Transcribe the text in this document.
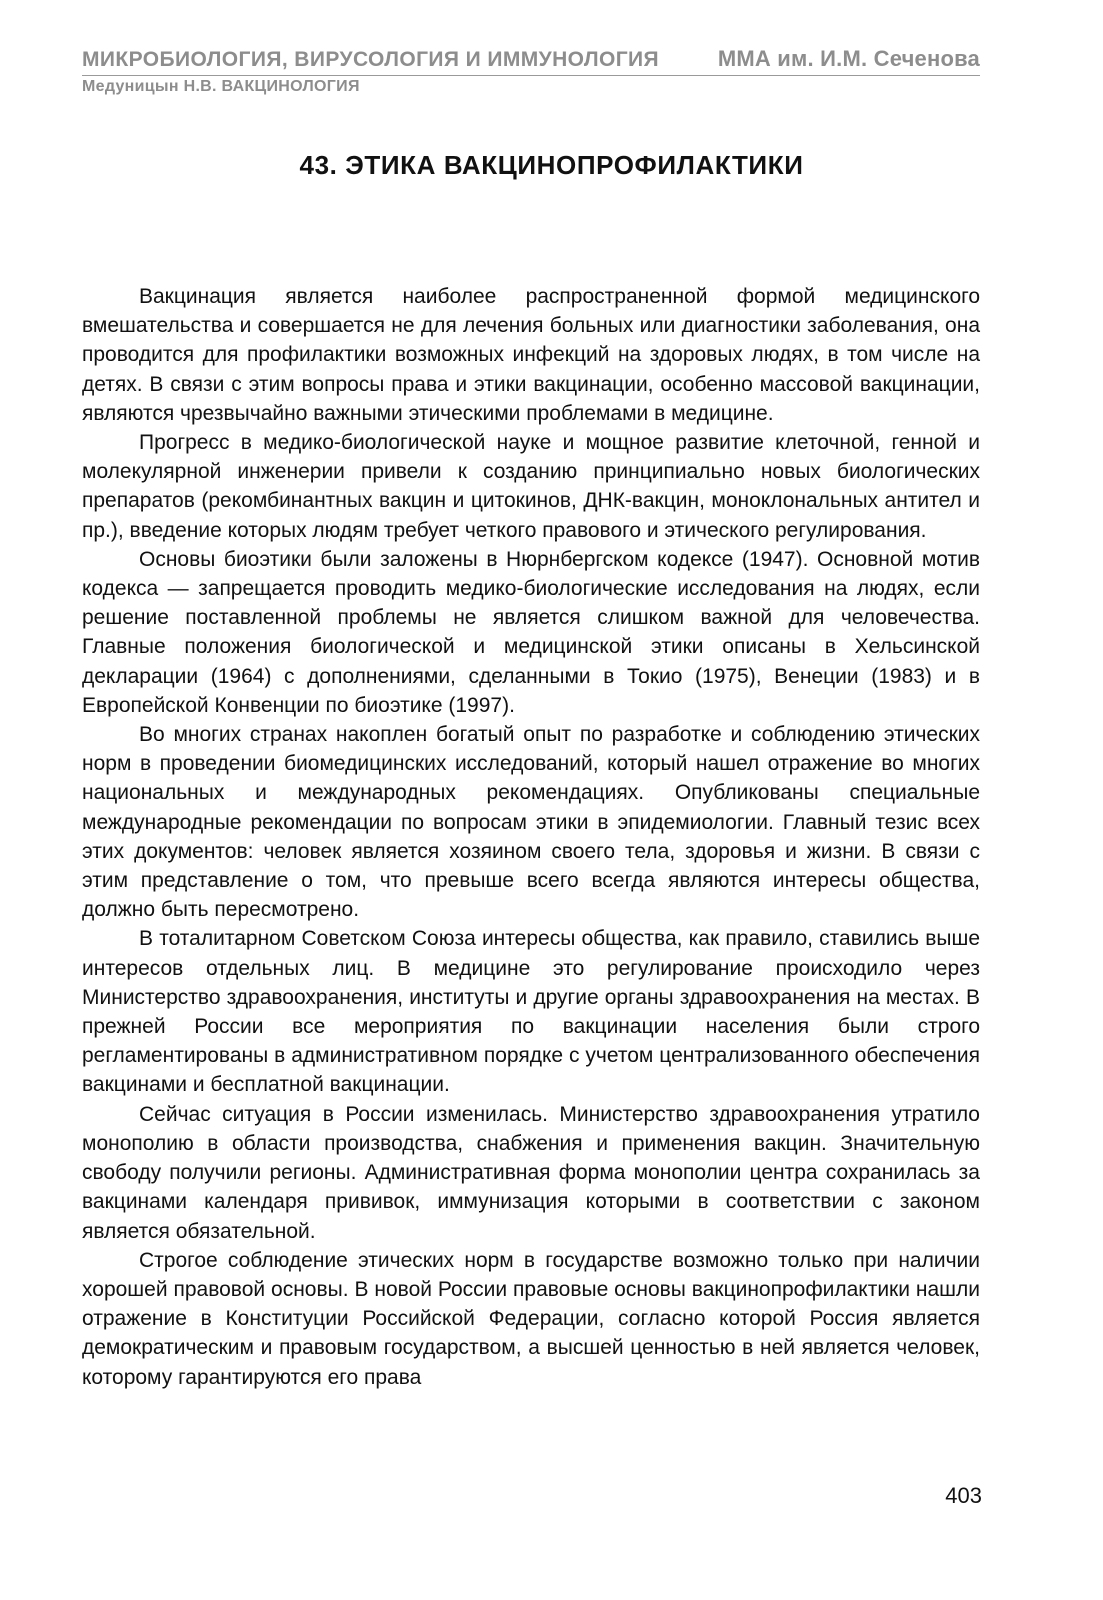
МИКРОБИОЛОГИЯ, ВИРУСОЛОГИЯ И ИММУНОЛОГИЯ	ММА им. И.М. Сеченова
Медуницын Н.В. ВАКЦИНОЛОГИЯ
43. ЭТИКА ВАКЦИНОПРОФИЛАКТИКИ

Вакцинация является наиболее распространенной формой медицинского вмешательства и совершается не для лечения больных или диагностики заболевания, она проводится для профилактики возможных инфекций на здоровых людях, в том числе на детях. В связи с этим вопросы права и этики вакцинации, особенно массовой вакцинации, являются чрезвычайно важными этическими проблемами в медицине.

Прогресс в медико-биологической науке и мощное развитие клеточной, генной и молекулярной инженерии привели к созданию принципиально новых биологических препаратов (рекомбинантных вакцин и цитокинов, ДНК-вакцин, моноклональных антител и пр.), введение которых людям требует четкого правового и этического регулирования.

Основы биоэтики были заложены в Нюрнбергском кодексе (1947). Основной мотив кодекса — запрещается проводить медико-биологические исследования на людях, если решение поставленной проблемы не является слишком важной для человечества. Главные положения биологической и медицинской этики описаны в Хельсинской декларации (1964) с дополнениями, сделанными в Токио (1975), Венеции (1983) и в Европейской Конвенции по биоэтике (1997).

Во многих странах накоплен богатый опыт по разработке и соблюдению этических норм в проведении биомедицинских исследований, который нашел отражение во многих национальных и международных рекомендациях. Опубликованы специальные международные рекомендации по вопросам этики в эпидемиологии. Главный тезис всех этих документов: человек является хозяином своего тела, здоровья и жизни. В связи с этим представление о том, что превыше всего всегда являются интересы общества, должно быть пересмотрено.

В тоталитарном Советском Союза интересы общества, как правило, ставились выше интересов отдельных лиц. В медицине это регулирование происходило через Министерство здравоохранения, институты и другие органы здравоохранения на местах. В прежней России все мероприятия по вакцинации населения были строго регламентированы в административном порядке с учетом централизованного обеспечения вакцинами и бесплатной вакцинации.

Сейчас ситуация в России изменилась. Министерство здравоохранения утратило монополию в области производства, снабжения и применения вакцин. Значительную свободу получили регионы. Административная форма монополии центра сохранилась за вакцинами календаря прививок, иммунизация которыми в соответствии с законом является обязательной.

Строгое соблюдение этических норм в государстве возможно только при наличии хорошей правовой основы. В новой России правовые основы вакцинопрофилактики нашли отражение в Конституции Российской Федерации, согласно которой Россия является демократическим и правовым государством, а высшей ценностью в ней является человек, которому гарантируются его права

403
